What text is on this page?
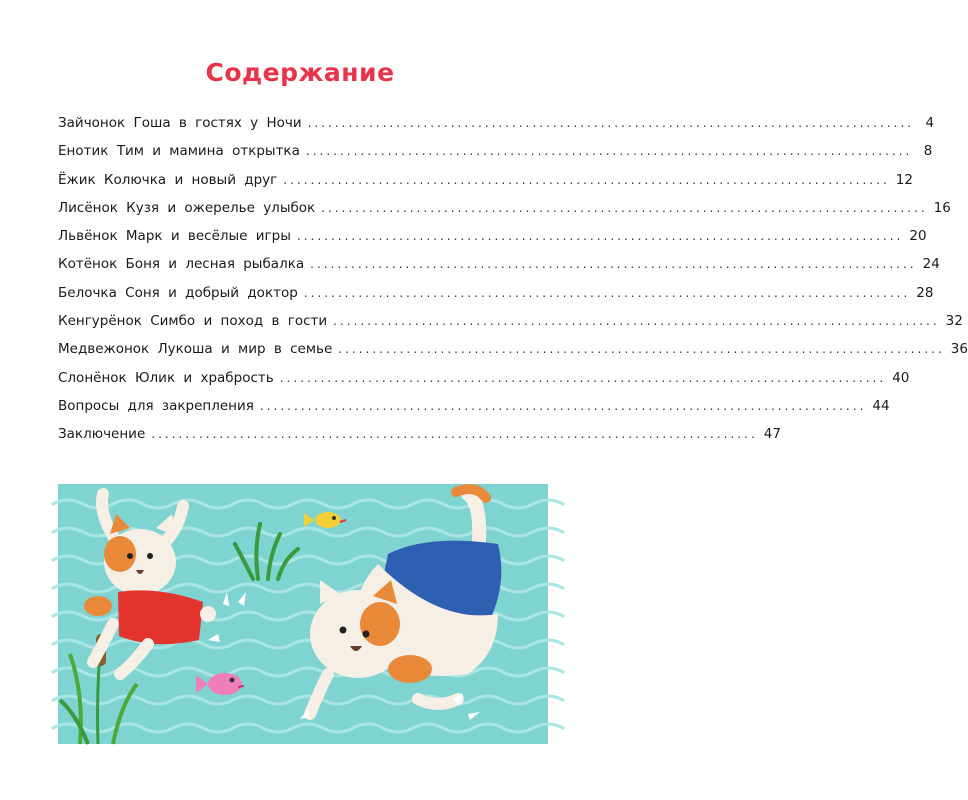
Содержание
Зайчонок Гоша в гостях у Ночи ......................................................................................... 4
Енотик Тим и мамина открытка ......................................................................................... 8
Ёжик Колючка и новый друг ......................................................................................... 12
Лисёнок Кузя и ожерелье улыбок ......................................................................................... 16
Львёнок Марк и весёлые игры ......................................................................................... 20
Котёнок Боня и лесная рыбалка ......................................................................................... 24
Белочка Соня и добрый доктор ......................................................................................... 28
Кенгурёнок Симбо и поход в гости ......................................................................................... 32
Медвежонок Лукоша и мир в семье ......................................................................................... 36
Слонёнок Юлик и храбрость ......................................................................................... 40
Вопросы для закрепления ......................................................................................... 44
Заключение ......................................................................................... 47
